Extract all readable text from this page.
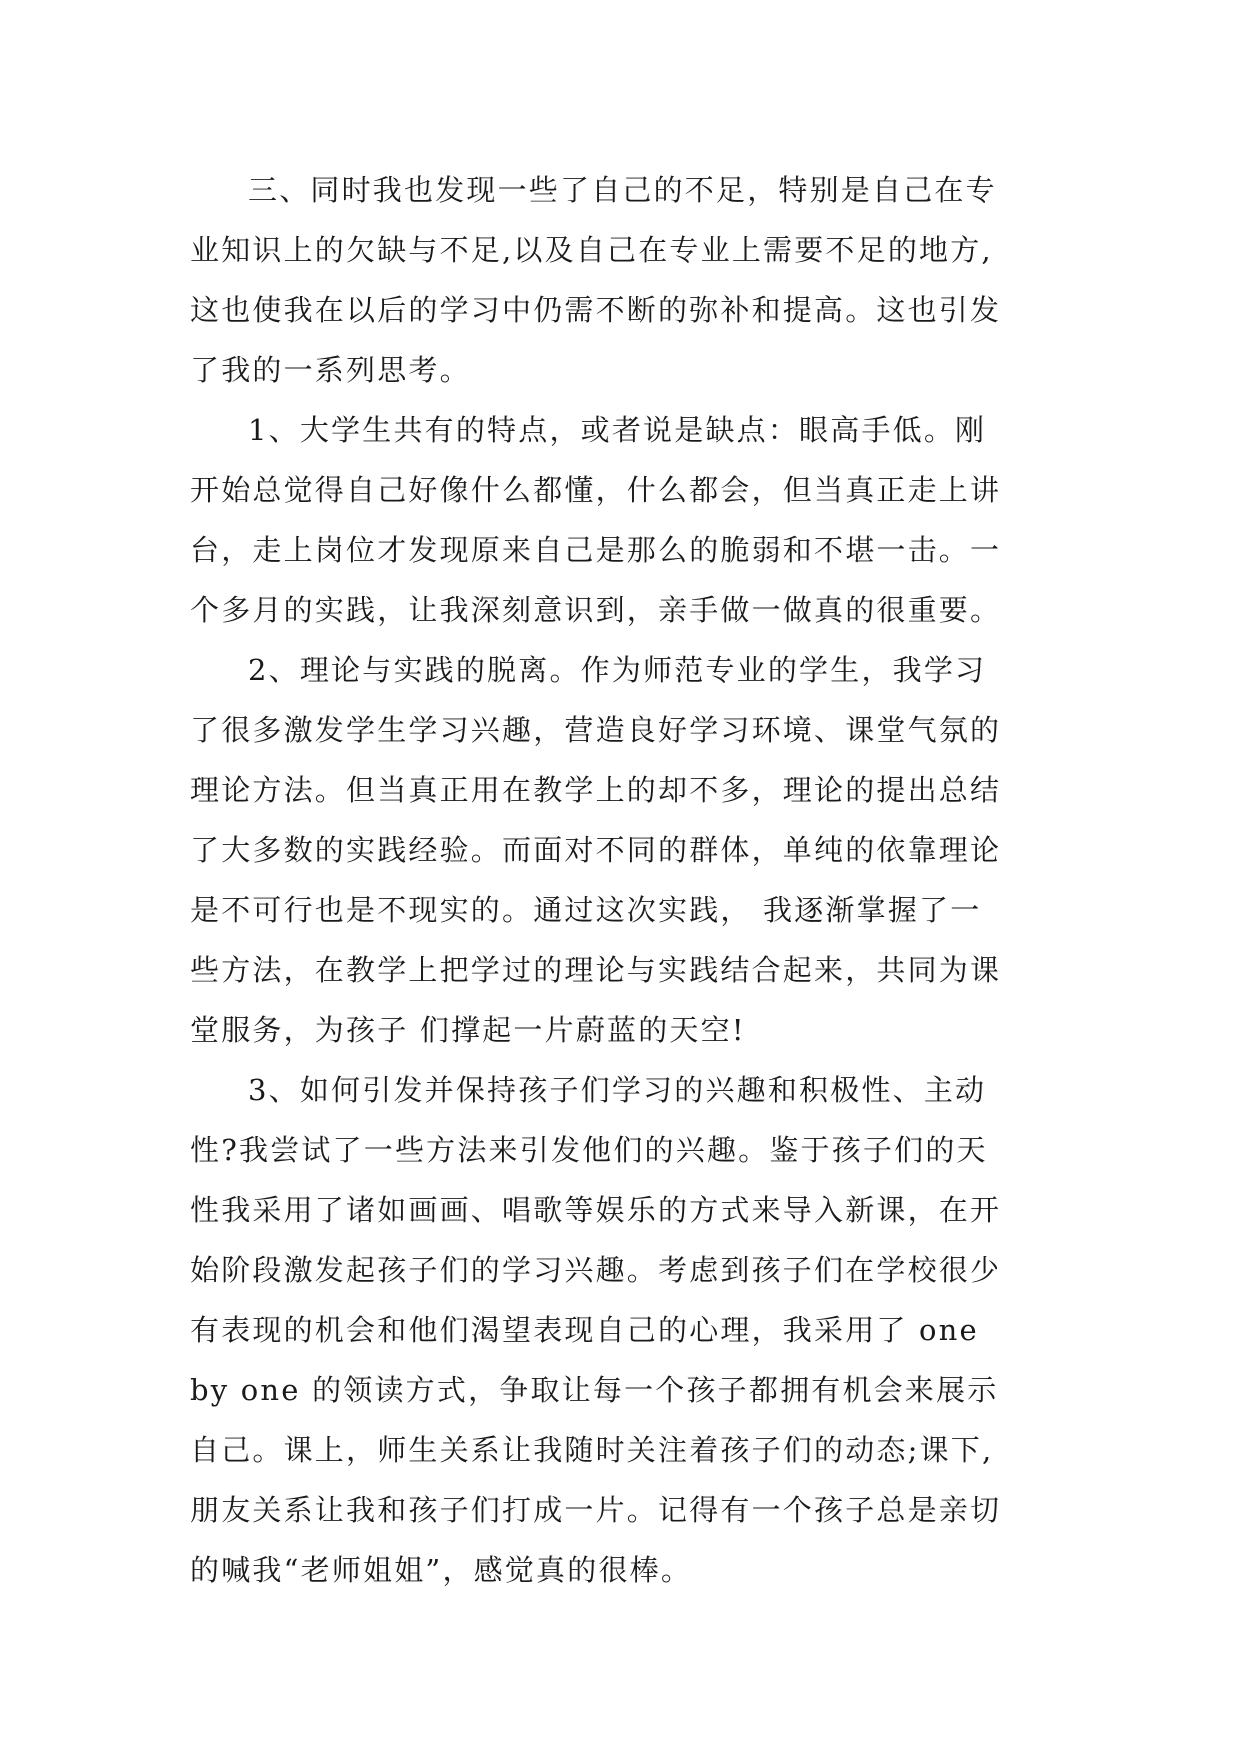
三、同时我也发现一些了自己的不足，特别是自己在专
业知识上的欠缺与不足,以及自己在专业上需要不足的地方,
这也使我在以后的学习中仍需不断的弥补和提高。这也引发
了我的一系列思考。
1、大学生共有的特点，或者说是缺点：眼高手低。刚
开始总觉得自己好像什么都懂，什么都会，但当真正走上讲
台，走上岗位才发现原来自己是那么的脆弱和不堪一击。一
个多月的实践，让我深刻意识到，亲手做一做真的很重要。
2、理论与实践的脱离。作为师范专业的学生，我学习
了很多激发学生学习兴趣，营造良好学习环境、课堂气氛的
理论方法。但当真正用在教学上的却不多，理论的提出总结
了大多数的实践经验。而面对不同的群体，单纯的依靠理论
是不可行也是不现实的。通过这次实践， 我逐渐掌握了一
些方法，在教学上把学过的理论与实践结合起来，共同为课
堂服务，为孩子 们撑起一片蔚蓝的天空!
3、如何引发并保持孩子们学习的兴趣和积极性、主动
性?我尝试了一些方法来引发他们的兴趣。鉴于孩子们的天
性我采用了诸如画画、唱歌等娱乐的方式来导入新课，在开
始阶段激发起孩子们的学习兴趣。考虑到孩子们在学校很少
有表现的机会和他们渴望表现自己的心理，我采用了 one
by one 的领读方式，争取让每一个孩子都拥有机会来展示
自己。课上，师生关系让我随时关注着孩子们的动态;课下,
朋友关系让我和孩子们打成一片。记得有一个孩子总是亲切
的喊我“老师姐姐”，感觉真的很棒。
